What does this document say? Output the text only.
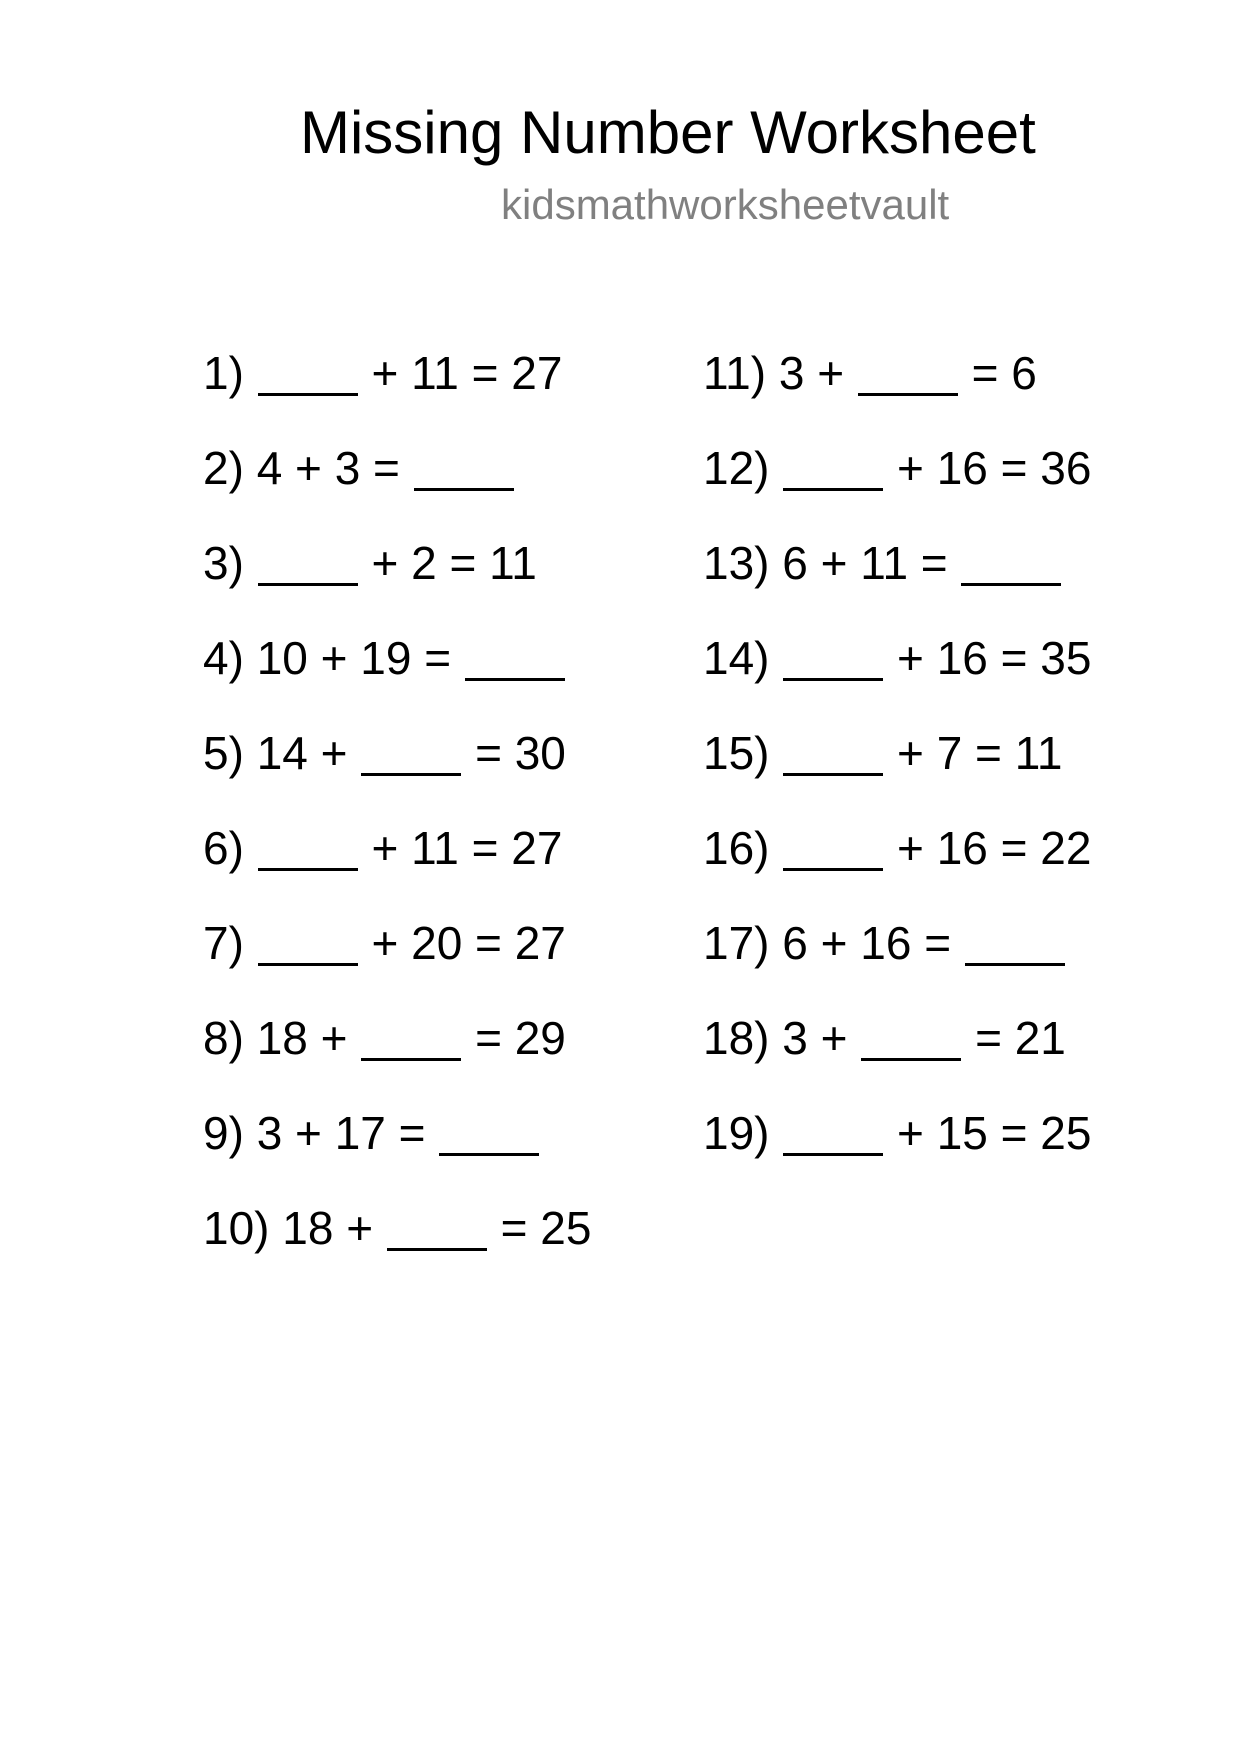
Missing Number Worksheet
kidsmathworksheetvault
1)	+ 11 = 27
2) 4 + 3 =
3)	+ 2 = 11
4) 10 + 19 =
5) 14 +	= 30
6)	+ 11 = 27
7)	+ 20 = 27
8) 18 +	= 29
9) 3 + 17 =
10) 18 +	= 25
11) 3 +	= 6
12)	+ 16 = 36
13) 6 + 11 =
14)	+ 16 = 35
15)	+ 7 = 11
16)	+ 16 = 22
17) 6 + 16 =
18) 3 +	= 21
19)	+ 15 = 25
